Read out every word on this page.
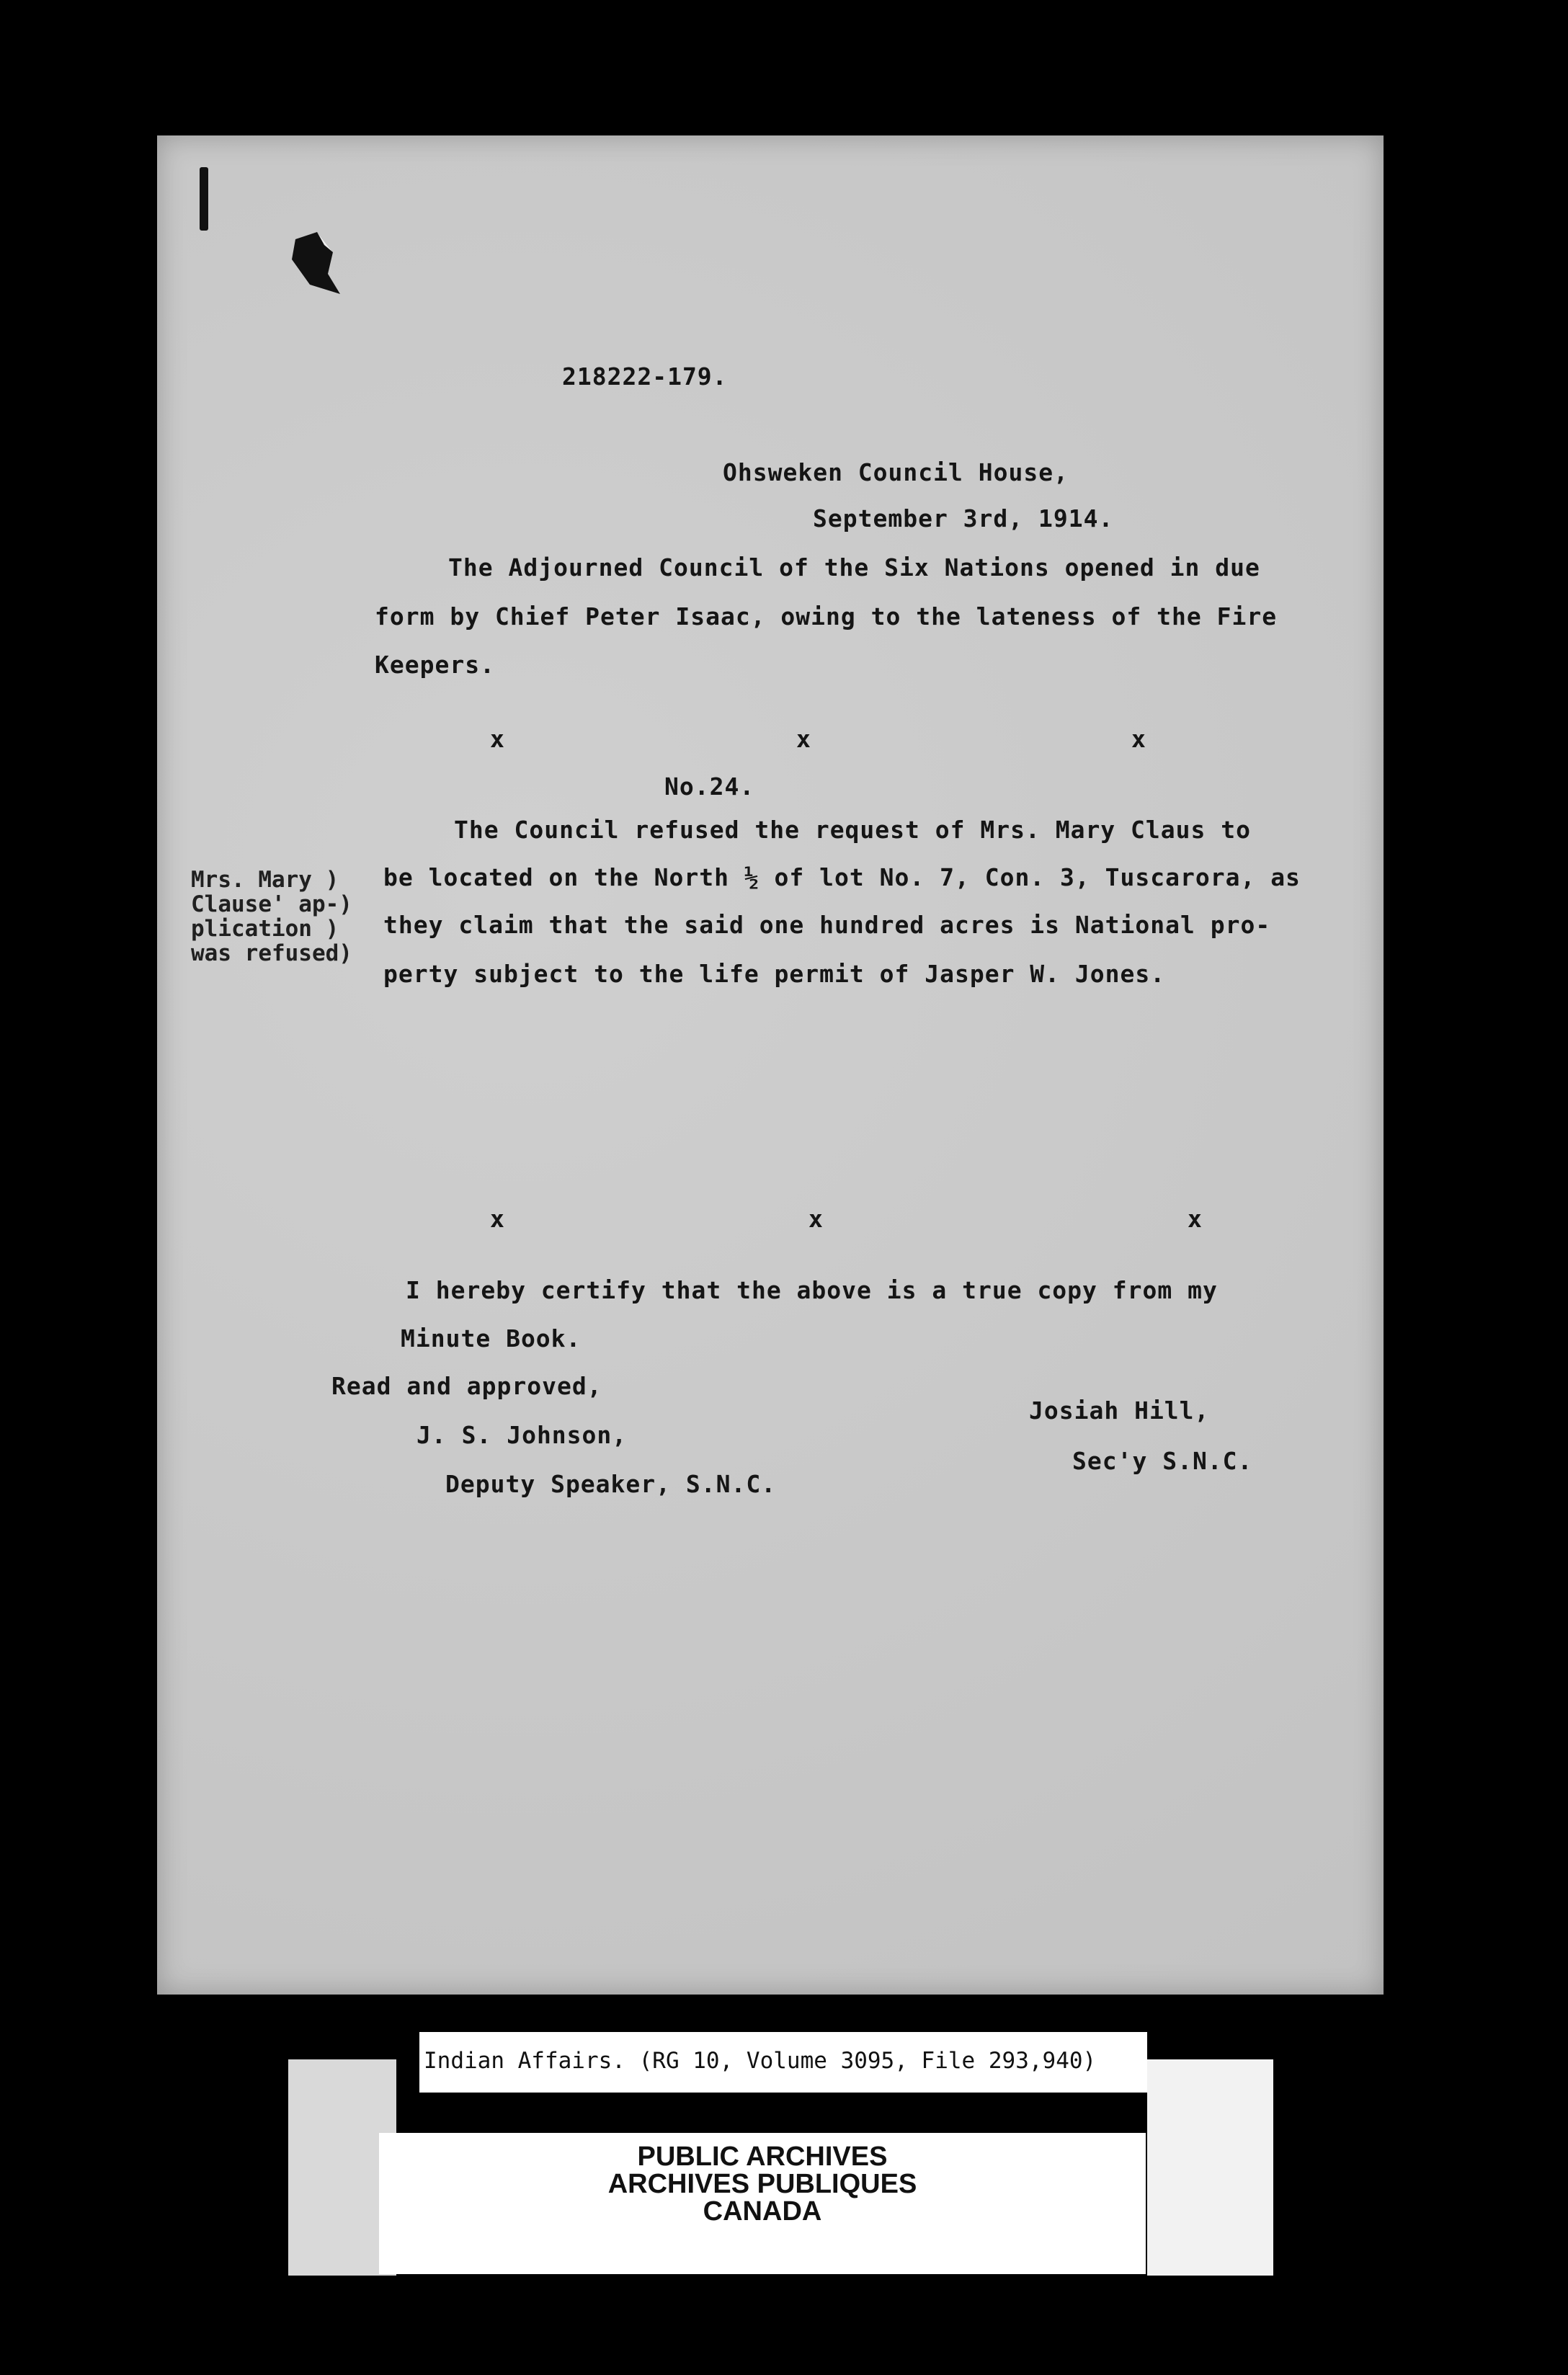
218222-179.
Ohsweken Council House,
September 3rd, 1914.
The Adjourned Council of the Six Nations opened in due
form by Chief Peter Isaac, owing to the lateness of the Fire
Keepers.
x	x	x
No.24.
The Council refused the request of Mrs. Mary Claus to
be located on the North ½ of lot No. 7, Con. 3, Tuscarora, as
they claim that the said one hundred acres is National pro-
perty subject to the life permit of Jasper W. Jones.
Mrs. Mary )
Clause' ap-)
plication )
was refused)
x	x	x
I hereby certify that the above is a true copy from my
Minute Book.
Read and approved,
J. S. Johnson,
Deputy Speaker, S.N.C.
Josiah Hill,
Sec'y S.N.C.
Indian Affairs. (RG 10, Volume 3095, File 293,940)
PUBLIC ARCHIVES
ARCHIVES PUBLIQUES
CANADA
